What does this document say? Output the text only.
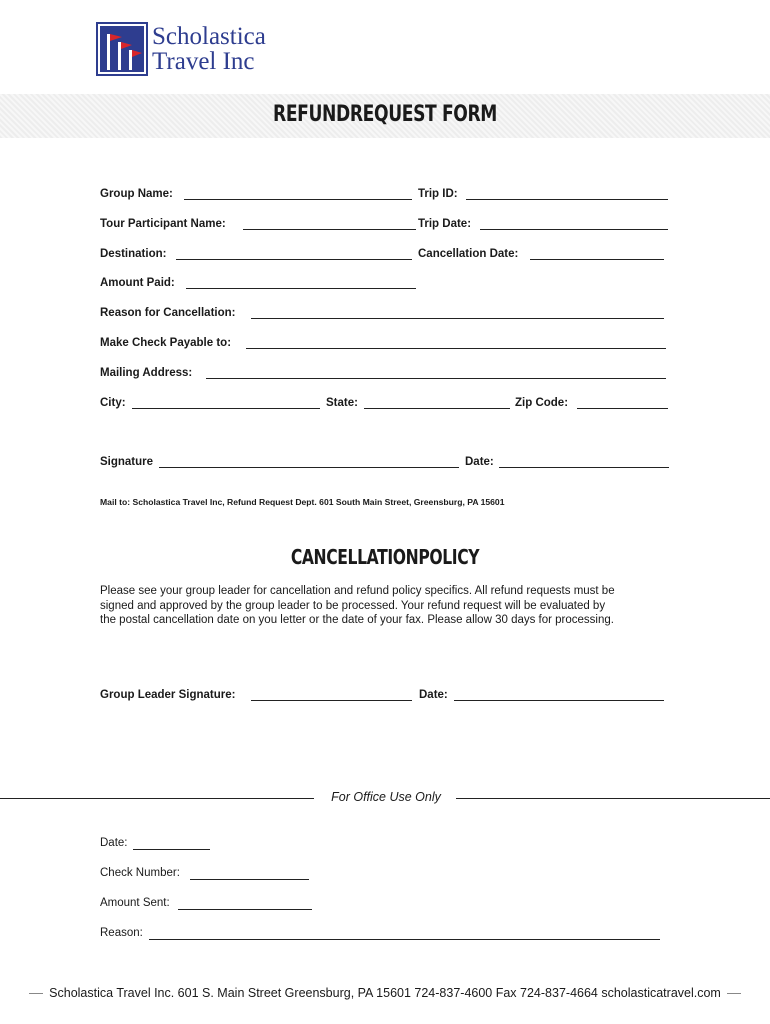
Scholastica
Travel Inc
REFUNDREQUEST FORM
Group Name:	Trip ID:
Tour Participant Name:	Trip Date:
Destination:	Cancellation Date:
Amount Paid:
Reason for Cancellation:
Make Check Payable to:
Mailing Address:
City:	State:	Zip Code:
Signature	Date:
Mail to: Scholastica Travel Inc, Refund Request Dept. 601 South Main Street, Greensburg, PA 15601
CANCELLATIONPOLICY
Please see your group leader for cancellation and refund policy specifics. All refund requests must be
signed and approved by the group leader to be processed. Your refund request will be evaluated by
the postal cancellation date on you letter or the date of your fax. Please allow 30 days for processing.
Group Leader Signature:	Date:
For Office Use Only
Date:
Check Number:
Amount Sent:
Reason:
Scholastica Travel Inc. 601 S. Main Street Greensburg, PA 15601 724-837-4600 Fax 724-837-4664 scholasticatravel.com
